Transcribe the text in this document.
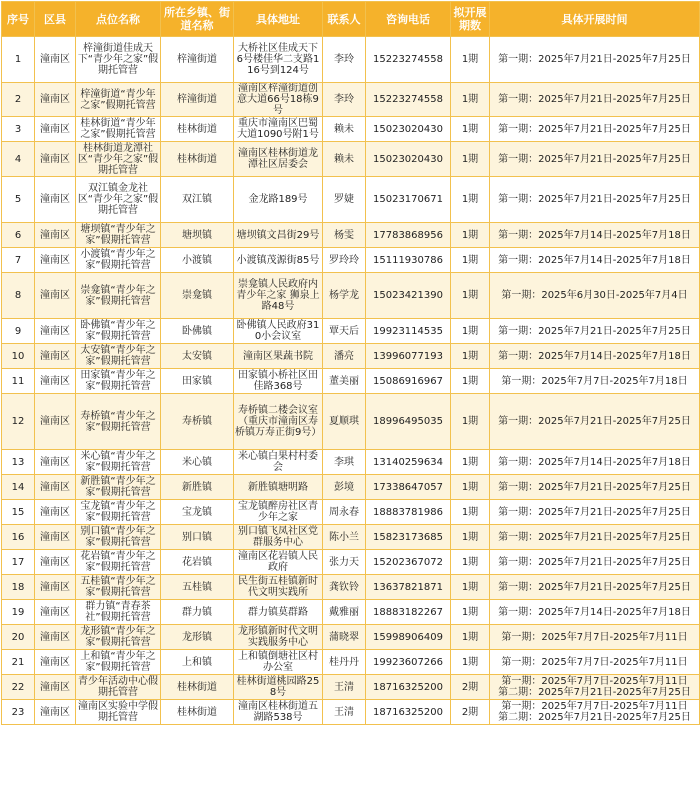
序号	区县	点位名称	所在乡镇、街道名称	具体地址	联系人	咨询电话	拟开展期数	具体开展时间
1	潼南区	梓潼街道佳成天下“青少年之家”假期托管营	梓潼街道	大桥社区佳成天下6号楼佳华二支路116号到124号	李玲	15223274558	1期	第一期：2025年7月21日-2025年7月25日

2	潼南区	梓潼街道“青少年之家”假期托管营	梓潼街道	潼南区梓潼街道创意大道66号18栋9号	李玲	15223274558	1期	第一期：2025年7月21日-2025年7月25日

3	潼南区	桂林街道“青少年之家”假期托管营	桂林街道	重庆市潼南区巴蜀大道1090号附1号	赖未	15023020430	1期	第一期：2025年7月21日-2025年7月25日

4	潼南区	桂林街道龙潭社区“青少年之家”假期托管营	桂林街道	潼南区桂林街道龙潭社区居委会	赖未	15023020430	1期	第一期：2025年7月21日-2025年7月25日

5	潼南区	双江镇金龙社区“青少年之家”假期托管营	双江镇	金龙路189号	罗婕	15023170671	1期	第一期：2025年7月21日-2025年7月25日

6	潼南区	塘坝镇“青少年之家”假期托管营	塘坝镇	塘坝镇文昌街29号	杨雯	17783868956	1期	第一期：2025年7月14日-2025年7月18日

7	潼南区	小渡镇“青少年之家”假期托管营	小渡镇	小渡镇茂源街85号	罗玲玲	15111930786	1期	第一期：2025年7月14日-2025年7月18日

8	潼南区	崇龛镇“青少年之家”假期托管营	崇龛镇	崇龛镇人民政府内青少年之家 狮泉上路48号	杨学龙	15023421390	1期	第一期：2025年6月30日-2025年7月4日

9	潼南区	卧佛镇“青少年之家”假期托管营	卧佛镇	卧佛镇人民政府310小会议室	覃天后	19923114535	1期	第一期：2025年7月21日-2025年7月25日

10	潼南区	太安镇“青少年之家”假期托管营	太安镇	潼南区果蔬书院	潘亮	13996077193	1期	第一期：2025年7月14日-2025年7月18日

11	潼南区	田家镇“青少年之家”假期托管营	田家镇	田家镇小桥社区田佳路368号	董美丽	15086916967	1期	第一期：2025年7月7日-2025年7月18日

12	潼南区	寿桥镇“青少年之家”假期托管营	寿桥镇	寿桥镇二楼会议室（重庆市潼南区寿桥镇万寿正街9号）	夏顺琪	18996495035	1期	第一期：2025年7月21日-2025年7月25日

13	潼南区	米心镇“青少年之家”假期托管营	米心镇	米心镇白果村村委会	李琪	13140259634	1期	第一期：2025年7月14日-2025年7月18日

14	潼南区	新胜镇“青少年之家”假期托管营	新胜镇	新胜镇塘明路	彭境	17338647057	1期	第一期：2025年7月21日-2025年7月25日

15	潼南区	宝龙镇“青少年之家”假期托管营	宝龙镇	宝龙镇醉房社区青少年之家	周永春	18883781986	1期	第一期：2025年7月21日-2025年7月25日

16	潼南区	别口镇“青少年之家”假期托管营	别口镇	别口镇飞凤社区党群服务中心	陈小兰	15823173685	1期	第一期：2025年7月21日-2025年7月25日

17	潼南区	花岩镇“青少年之家”假期托管营	花岩镇	潼南区花岩镇人民政府	张力天	15202367072	1期	第一期：2025年7月21日-2025年7月25日

18	潼南区	五桂镇“青少年之家”假期托管营	五桂镇	民生街五桂镇新时代文明实践所	龚钦铃	13637821871	1期	第一期：2025年7月21日-2025年7月25日

19	潼南区	群力镇“青春茶社”假期托管营	群力镇	群力镇莫群路	戴雅丽	18883182267	1期	第一期：2025年7月14日-2025年7月18日

20	潼南区	龙形镇“青少年之家”假期托管营	龙形镇	龙形镇新时代文明实践服务中心	蒲晓翠	15998906409	1期	第一期：2025年7月7日-2025年7月11日

21	潼南区	上和镇“青少年之家”假期托管营	上和镇	上和镇倒塘社区村办公室	桂丹丹	19923607266	1期	第一期：2025年7月7日-2025年7月11日

22	潼南区	青少年活动中心假期托管营	桂林街道	桂林街道桃园路258号	王清	18716325200	2期	第一期：2025年7月7日-2025年7月11日
第二期：2025年7月21日-2025年7月25日

23	潼南区	潼南区实验中学假期托管营	桂林街道	潼南区桂林街道五湖路538号	王清	18716325200	2期	第一期：2025年7月7日-2025年7月11日
第二期：2025年7月21日-2025年7月25日
